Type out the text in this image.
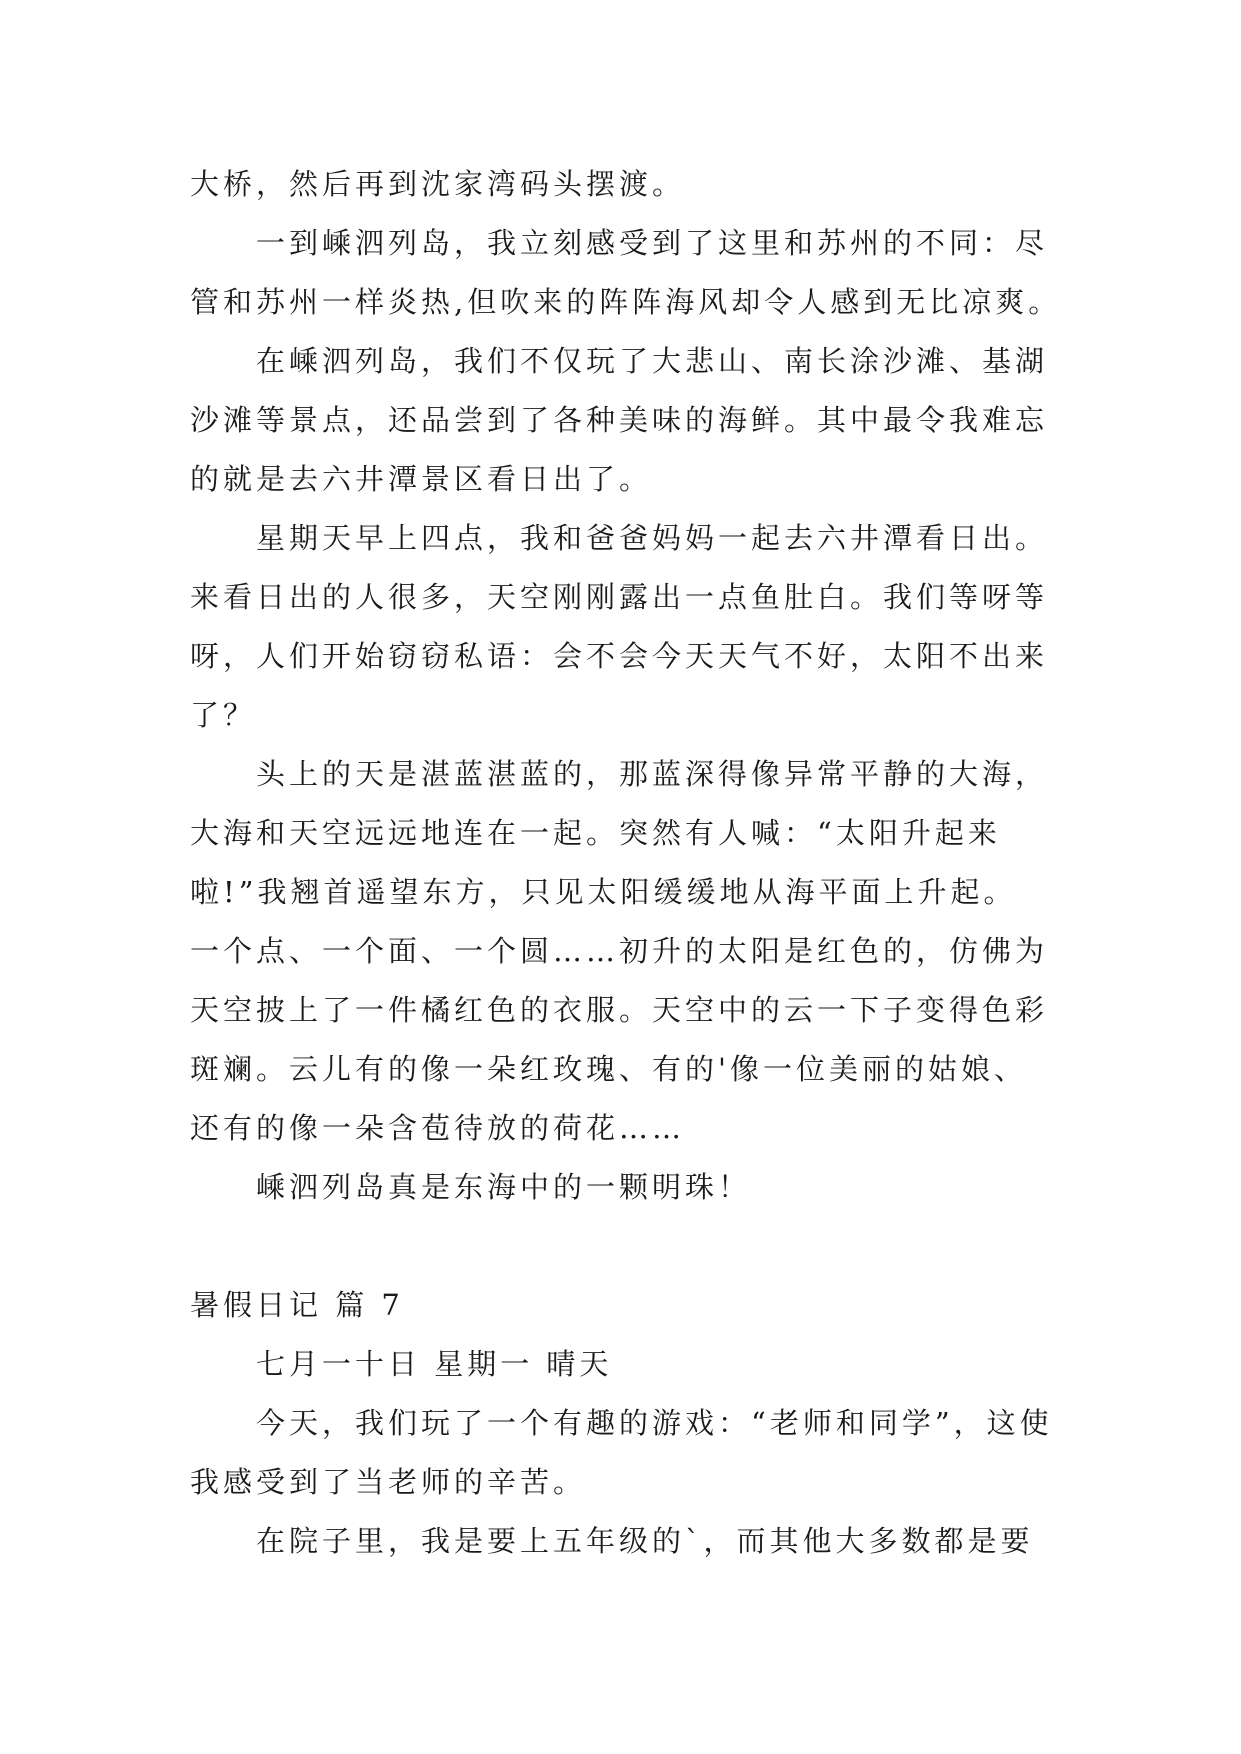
大桥，然后再到沈家湾码头摆渡。
一到嵊泗列岛，我立刻感受到了这里和苏州的不同：尽
管和苏州一样炎热,但吹来的阵阵海风却令人感到无比凉爽。
在嵊泗列岛，我们不仅玩了大悲山、南长涂沙滩、基湖
沙滩等景点，还品尝到了各种美味的海鲜。其中最令我难忘
的就是去六井潭景区看日出了。
星期天早上四点，我和爸爸妈妈一起去六井潭看日出。
来看日出的人很多，天空刚刚露出一点鱼肚白。我们等呀等
呀，人们开始窃窃私语：会不会今天天气不好，太阳不出来
了？
头上的天是湛蓝湛蓝的，那蓝深得像异常平静的大海，
大海和天空远远地连在一起。突然有人喊：“太阳升起来
啦!”我翘首遥望东方，只见太阳缓缓地从海平面上升起。
一个点、一个面、一个圆……初升的太阳是红色的，仿佛为
天空披上了一件橘红色的衣服。天空中的云一下子变得色彩
斑斓。云儿有的像一朵红玫瑰、有的'像一位美丽的姑娘、
还有的像一朵含苞待放的荷花……
嵊泗列岛真是东海中的一颗明珠！
暑假日记 篇 7
七月一十日 星期一 晴天
今天，我们玩了一个有趣的游戏：“老师和同学”，这使
我感受到了当老师的辛苦。
在院子里，我是要上五年级的`，而其他大多数都是要
